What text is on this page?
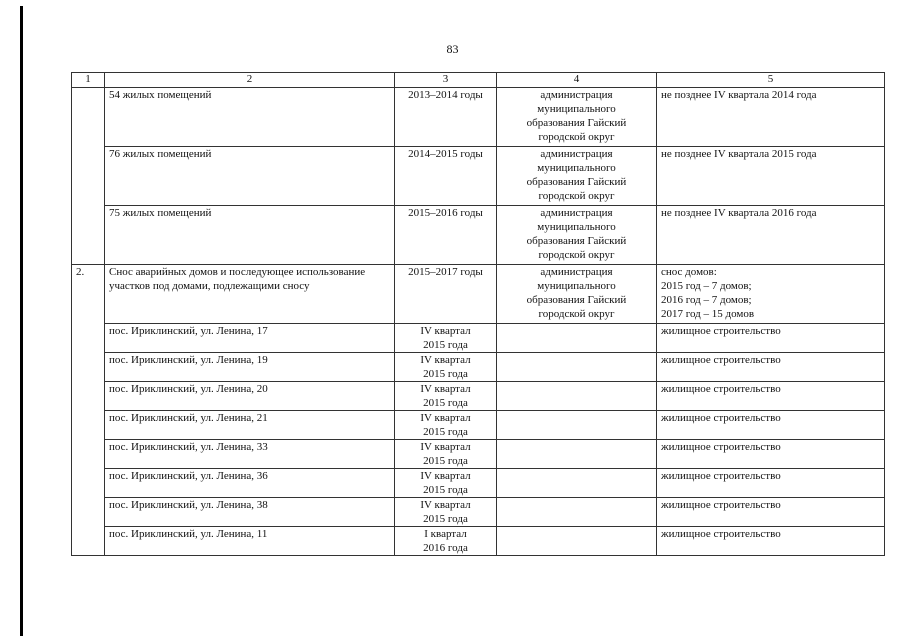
83
1	2	3	4	5
	54 жилых помещений	2013–2014 годы	администрация
муниципального
образования Гайский
городской округ	не позднее IV квартала 2014 года
	76 жилых помещений	2014–2015 годы	администрация
муниципального
образования Гайский
городской округ	не позднее IV квартала 2015 года
	75 жилых помещений	2015–2016 годы	администрация
муниципального
образования Гайский
городской округ	не позднее IV квартала 2016 года
2.	Снос аварийных домов и последующее использование участков под домами, подлежащими сносу	2015–2017 годы	администрация
муниципального
образования Гайский
городской округ	снос домов:
2015 год – 7 домов;
2016 год – 7 домов;
2017 год – 15 домов

	пос. Ириклинский, ул. Ленина, 17	IV квартал
2015 года		жилищное строительство
	пос. Ириклинский, ул. Ленина, 19	IV квартал
2015 года		жилищное строительство
	пос. Ириклинский, ул. Ленина, 20	IV квартал
2015 года		жилищное строительство
	пос. Ириклинский, ул. Ленина, 21	IV квартал
2015 года		жилищное строительство
	пос. Ириклинский, ул. Ленина, 33	IV квартал
2015 года		жилищное строительство
	пос. Ириклинский, ул. Ленина, 36	IV квартал
2015 года		жилищное строительство
	пос. Ириклинский, ул. Ленина, 38	IV квартал
2015 года		жилищное строительство
	пос. Ириклинский, ул. Ленина, 11	I квартал
2016 года		жилищное строительство
